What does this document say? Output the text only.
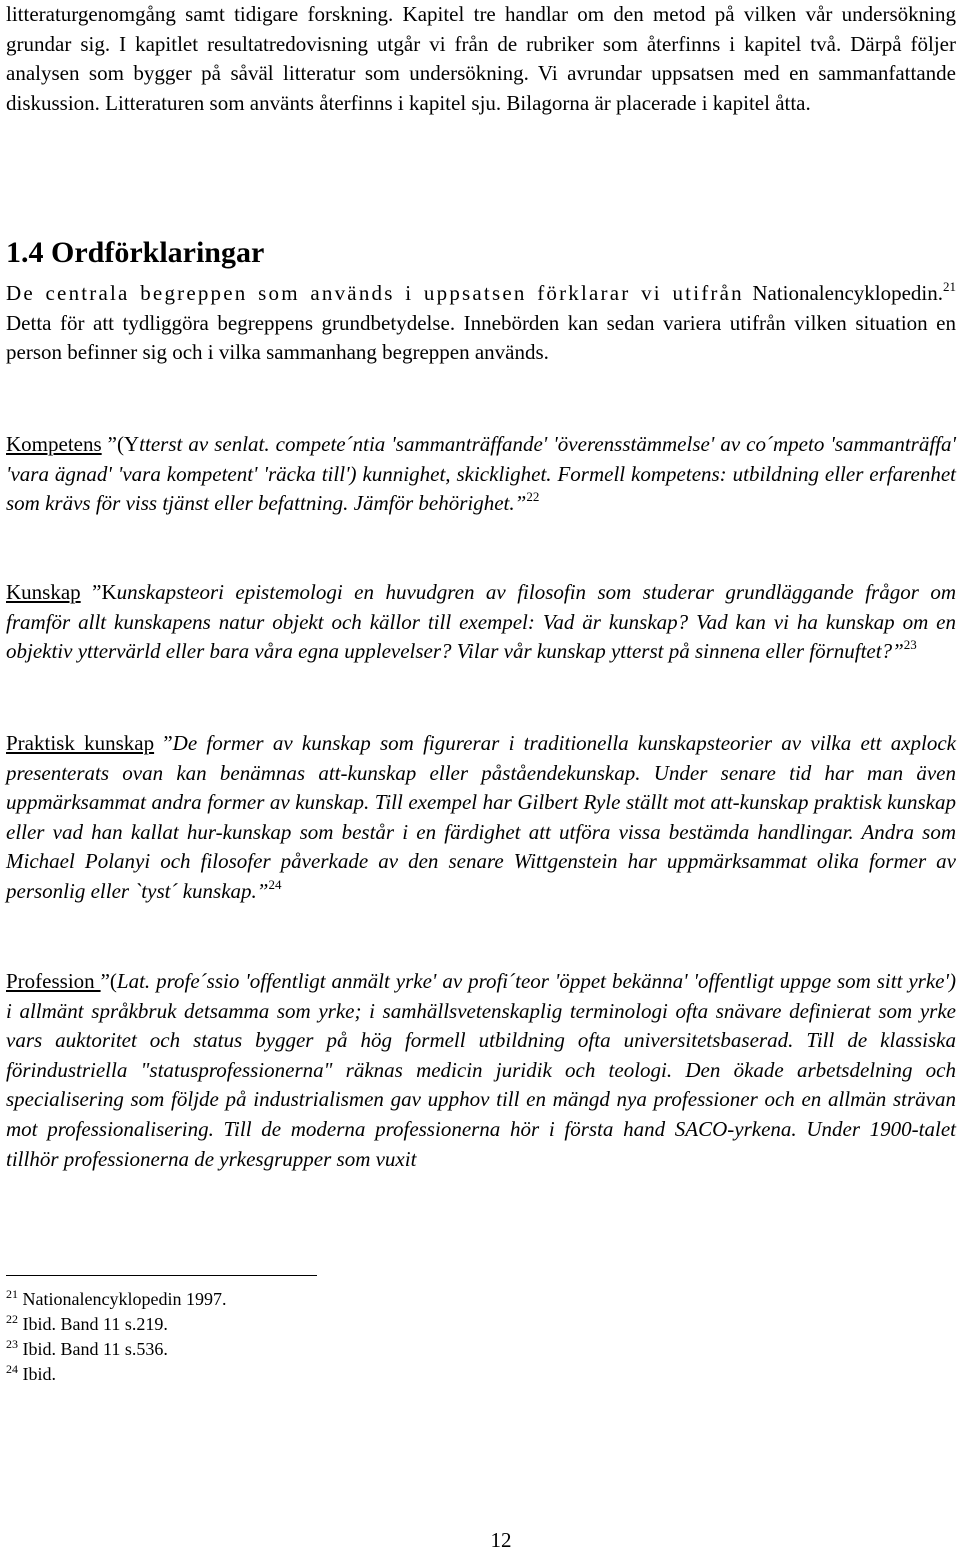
litteraturgenomgång samt tidigare forskning. Kapitel tre handlar om den metod på vilken vår undersökning grundar sig. I kapitlet resultatredovisning utgår vi från de rubriker som återfinns i kapitel två. Därpå följer analysen som bygger på såväl litteratur som undersökning. Vi avrundar uppsatsen med en sammanfattande diskussion. Litteraturen som använts återfinns i kapitel sju. Bilagorna är placerade i kapitel åtta.

1.4 Ordförklaringar

De centrala begreppen som används i uppsatsen förklarar vi utifrån Nationalencyklopedin.$^{21}$ Detta för att tydliggöra begreppens grundbetydelse. Innebörden kan sedan variera utifrån vilken situation en person befinner sig och i vilka sammanhang begreppen används.

Kompetens ”(Ytterst av senlat. compete´ntia 'sammanträffande' 'överensstämmelse' av co´mpeto 'sammanträffa' 'vara ägnad' 'vara kompetent' 'räcka till') kunnighet, skicklighet. Formell kompetens: utbildning eller erfarenhet som krävs för viss tjänst eller befattning. Jämför behörighet.”$^{22}$

Kunskap ”Kunskapsteori epistemologi en huvudgren av filosofin som studerar grundläggande frågor om framför allt kunskapens natur objekt och källor till exempel: Vad är kunskap? Vad kan vi ha kunskap om en objektiv yttervärld eller bara våra egna upplevelser? Vilar vår kunskap ytterst på sinnena eller förnuftet?”$^{23}$

Praktisk kunskap ”De former av kunskap som figurerar i traditionella kunskapsteorier av vilka ett axplock presenterats ovan kan benämnas att-kunskap eller påståendekunskap. Under senare tid har man även uppmärksammat andra former av kunskap. Till exempel har Gilbert Ryle ställt mot att-kunskap praktisk kunskap eller vad han kallat hur-kunskap som består i en färdighet att utföra vissa bestämda handlingar. Andra som Michael Polanyi och filosofer påverkade av den senare Wittgenstein har uppmärksammat olika former av personlig eller `tyst´ kunskap.”$^{24}$

Profession ”(Lat. profe´ssio 'offentligt anmält yrke' av profi´teor 'öppet bekänna' 'offentligt uppge som sitt yrke') i allmänt språkbruk detsamma som yrke; i samhällsvetenskaplig terminologi ofta snävare definierat som yrke vars auktoritet och status bygger på hög formell utbildning ofta universitetsbaserad. Till de klassiska förindustriella "statusprofessionerna" räknas medicin juridik och teologi. Den ökade arbetsdelning och specialisering som följde på industrialismen gav upphov till en mängd nya professioner och en allmän strävan mot professionalisering. Till de moderna professionerna hör i första hand SACO-yrkena. Under 1900-talet tillhör professionerna de yrkesgrupper som vuxit

$^{21}$ Nationalencyklopedin 1997.

$^{22}$ Ibid. Band 11 s.219.

$^{23}$ Ibid. Band 11 s.536.

$^{24}$ Ibid.

12
